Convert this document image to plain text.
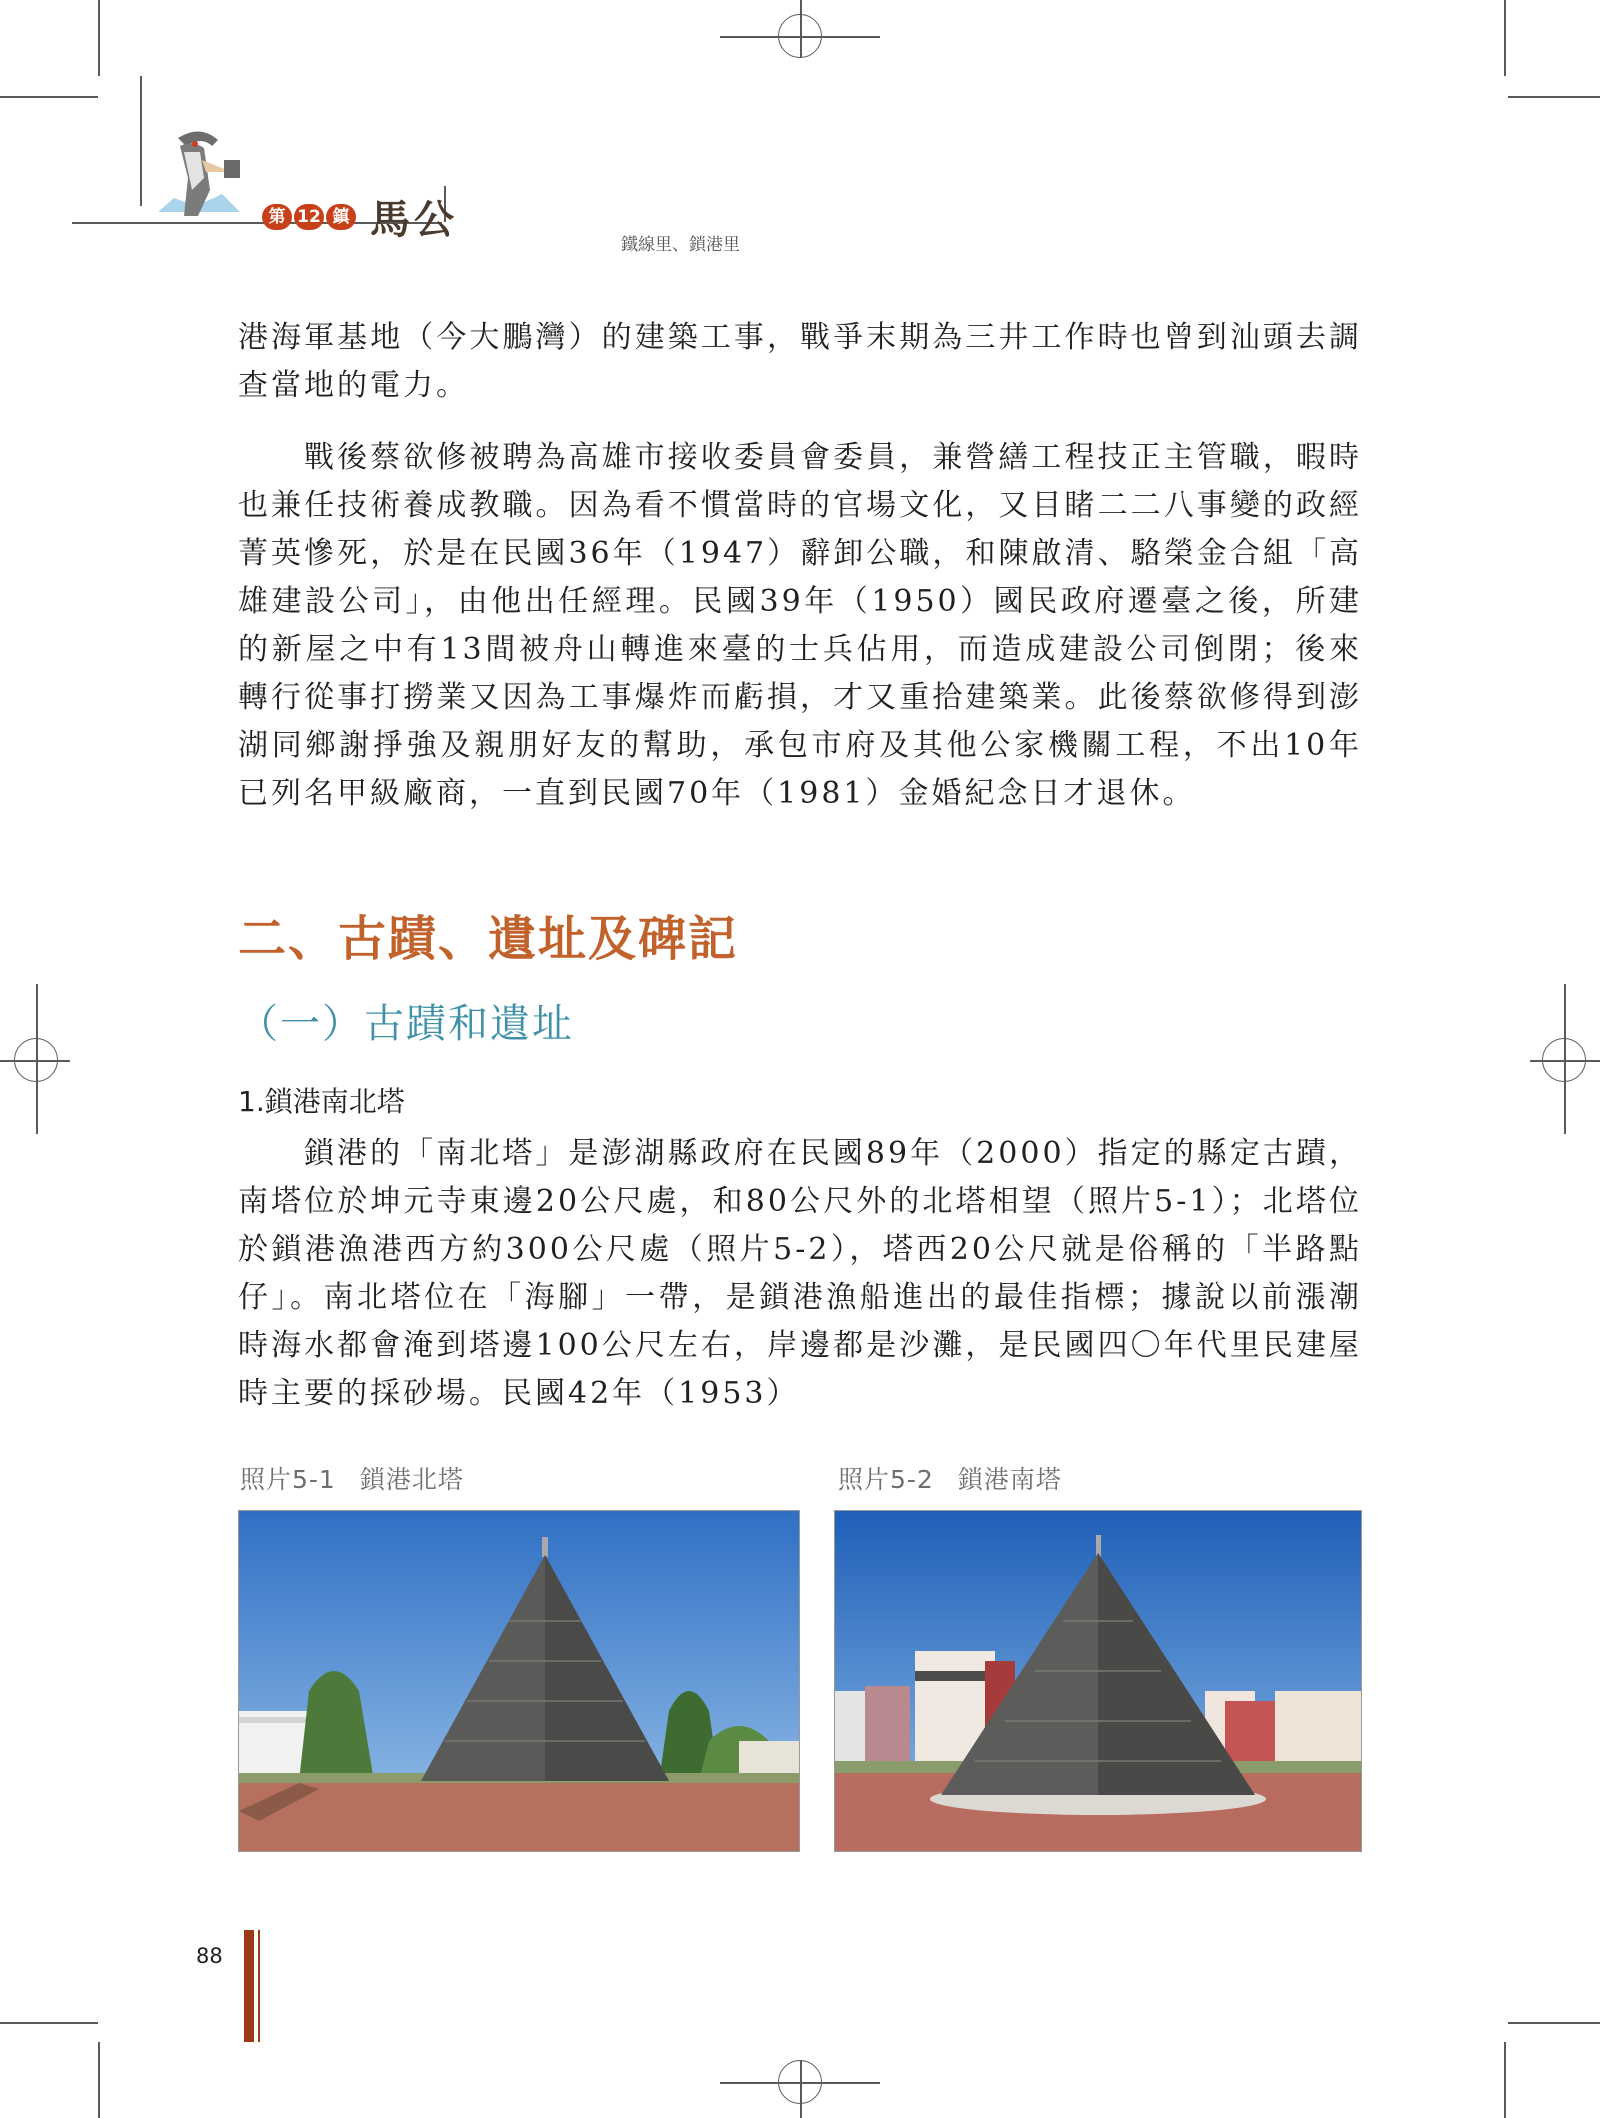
第 12 鎮 馬公
鐵線里、鎖港里

港海軍基地（今大鵬灣）的建築工事，戰爭末期為三井工作時也曾到汕頭去調查當地的電力。

戰後蔡欲修被聘為高雄市接收委員會委員，兼營繕工程技正主管職，暇時也兼任技術養成教職。因為看不慣當時的官場文化，又目睹二二八事變的政經菁英慘死，於是在民國36年（1947）辭卸公職，和陳啟清、駱榮金合組「高雄建設公司」，由他出任經理。民國39年（1950）國民政府遷臺之後，所建的新屋之中有13間被舟山轉進來臺的士兵佔用，而造成建設公司倒閉；後來轉行從事打撈業又因為工事爆炸而虧損，才又重拾建築業。此後蔡欲修得到澎湖同鄉謝掙強及親朋好友的幫助，承包市府及其他公家機關工程，不出10年已列名甲級廠商，一直到民國70年（1981）金婚紀念日才退休。

二、古蹟、遺址及碑記
（一）古蹟和遺址
1.鎖港南北塔

鎖港的「南北塔」是澎湖縣政府在民國89年（2000）指定的縣定古蹟，南塔位於坤元寺東邊20公尺處，和80公尺外的北塔相望（照片5-1）；北塔位於鎖港漁港西方約300公尺處（照片5-2），塔西20公尺就是俗稱的「半路點仔」。南北塔位在「海腳」一帶，是鎖港漁船進出的最佳指標；據說以前漲潮時海水都會淹到塔邊100公尺左右，岸邊都是沙灘，是民國四〇年代里民建屋時主要的採砂場。民國42年（1953）

照片5-1 鎖港北塔	照片5-2 鎖港南塔
88
